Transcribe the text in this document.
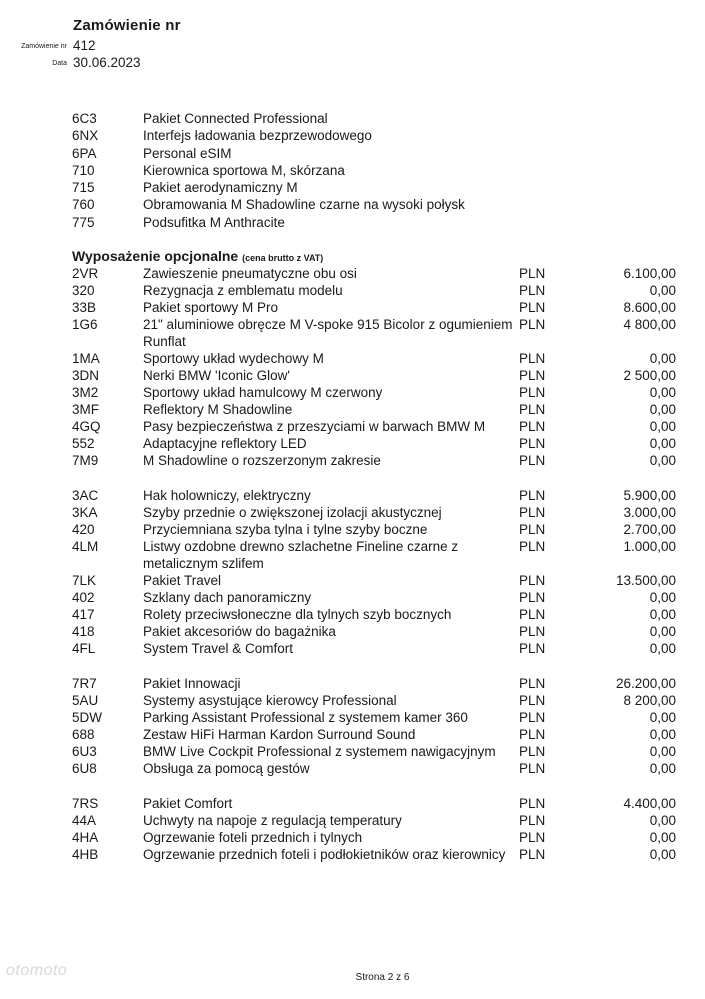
Zamówienie nr
Zamówienie nr 412
Data 30.06.2023
6C3	Pakiet Connected Professional
6NX	Interfejs ładowania bezprzewodowego
6PA	Personal eSIM
710	Kierownica sportowa M, skórzana
715	Pakiet aerodynamiczny M
760	Obramowania M Shadowline czarne na wysoki połysk
775	Podsufitka M Anthracite
Wyposażenie opcjonalne (cena brutto z VAT)
2VR	Zawieszenie pneumatyczne obu osi	PLN	6.100,00
320	Rezygnacja z emblematu modelu	PLN	0,00
33B	Pakiet sportowy M Pro	PLN	8.600,00
1G6	21" aluminiowe obręcze M V-spoke 915 Bicolor z ogumieniem Runflat
PLN	4 800,00
1MA	Sportowy układ wydechowy M	PLN	0,00
3DN	Nerki BMW 'Iconic Glow'	PLN	2 500,00
3M2	Sportowy układ hamulcowy M czerwony	PLN	0,00
3MF	Reflektory M Shadowline	PLN	0,00
4GQ	Pasy bezpieczeństwa z przeszyciami w barwach BMW M	PLN	0,00
552	Adaptacyjne reflektory LED	PLN	0,00
7M9	M Shadowline o rozszerzonym zakresie	PLN	0,00
3AC	Hak holowniczy, elektryczny	PLN	5.900,00
3KA	Szyby przednie o zwiększonej izolacji akustycznej	PLN	3.000,00
420	Przyciemniana szyba tylna i tylne szyby boczne	PLN	2.700,00
4LM	Listwy ozdobne drewno szlachetne Fineline czarne z metalicznym szlifem
PLN	1.000,00
7LK	Pakiet Travel	PLN	13.500,00
402	Szklany dach panoramiczny	PLN	0,00
417	Rolety przeciwsłoneczne dla tylnych szyb bocznych	PLN	0,00
418	Pakiet akcesoriów do bagażnika	PLN	0,00
4FL	System Travel & Comfort	PLN	0,00
7R7	Pakiet Innowacji	PLN	26.200,00
5AU	Systemy asystujące kierowcy Professional	PLN	8 200,00
5DW	Parking Assistant Professional z systemem kamer 360	PLN	0,00
688	Zestaw HiFi Harman Kardon Surround Sound	PLN	0,00
6U3	BMW Live Cockpit Professional z systemem nawigacyjnym	PLN	0,00
6U8	Obsługa za pomocą gestów	PLN	0,00
7RS	Pakiet Comfort	PLN	4.400,00
44A	Uchwyty na napoje z regulacją temperatury	PLN	0,00
4HA	Ogrzewanie foteli przednich i tylnych	PLN	0,00
4HB	Ogrzewanie przednich foteli i podłokietników oraz kierownicy	PLN	0,00
Strona 2 z 6
otomoto
